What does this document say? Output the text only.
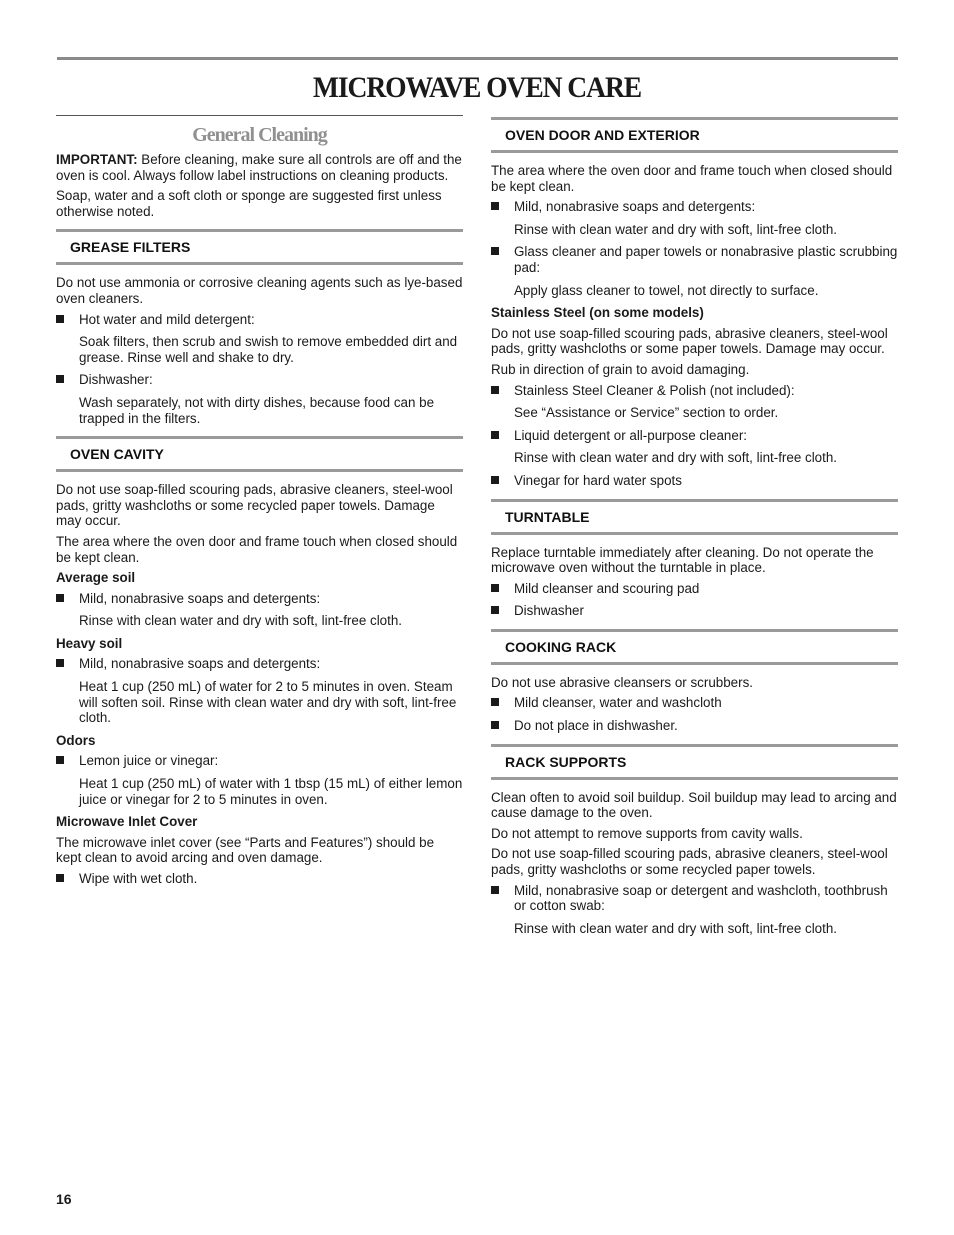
MICROWAVE OVEN CARE
General Cleaning

IMPORTANT: Before cleaning, make sure all controls are off and the oven is cool. Always follow label instructions on cleaning products.

Soap, water and a soft cloth or sponge are suggested first unless otherwise noted.

GREASE FILTERS

Do not use ammonia or corrosive cleaning agents such as lye-based oven cleaners.

Hot water and mild detergent:

Soak filters, then scrub and swish to remove embedded dirt and grease. Rinse well and shake to dry.

Dishwasher:

Wash separately, not with dirty dishes, because food can be trapped in the filters.

OVEN CAVITY

Do not use soap-filled scouring pads, abrasive cleaners, steel-wool pads, gritty washcloths or some recycled paper towels. Damage may occur.

The area where the oven door and frame touch when closed should be kept clean.

Average soil
Mild, nonabrasive soaps and detergents:

Rinse with clean water and dry with soft, lint-free cloth.

Heavy soil
Mild, nonabrasive soaps and detergents:

Heat 1 cup (250 mL) of water for 2 to 5 minutes in oven. Steam will soften soil. Rinse with clean water and dry with soft, lint-free cloth.

Odors
Lemon juice or vinegar:

Heat 1 cup (250 mL) of water with 1 tbsp (15 mL) of either lemon juice or vinegar for 2 to 5 minutes in oven.

Microwave Inlet Cover

The microwave inlet cover (see “Parts and Features”) should be kept clean to avoid arcing and oven damage.

Wipe with wet cloth.
OVEN DOOR AND EXTERIOR

The area where the oven door and frame touch when closed should be kept clean.

Mild, nonabrasive soaps and detergents:

Rinse with clean water and dry with soft, lint-free cloth.

Glass cleaner and paper towels or nonabrasive plastic scrubbing pad:

Apply glass cleaner to towel, not directly to surface.

Stainless Steel (on some models)

Do not use soap-filled scouring pads, abrasive cleaners, steel-wool pads, gritty washcloths or some paper towels. Damage may occur.

Rub in direction of grain to avoid damaging.

Stainless Steel Cleaner & Polish (not included):

See “Assistance or Service” section to order.

Liquid detergent or all-purpose cleaner:

Rinse with clean water and dry with soft, lint-free cloth.

Vinegar for hard water spots
TURNTABLE

Replace turntable immediately after cleaning. Do not operate the microwave oven without the turntable in place.

Mild cleanser and scouring pad
Dishwasher
COOKING RACK

Do not use abrasive cleansers or scrubbers.

Mild cleanser, water and washcloth
Do not place in dishwasher.
RACK SUPPORTS

Clean often to avoid soil buildup. Soil buildup may lead to arcing and cause damage to the oven.

Do not attempt to remove supports from cavity walls.

Do not use soap-filled scouring pads, abrasive cleaners, steel-wool pads, gritty washcloths or some recycled paper towels.

Mild, nonabrasive soap or detergent and washcloth, toothbrush or cotton swab:

Rinse with clean water and dry with soft, lint-free cloth.

16
